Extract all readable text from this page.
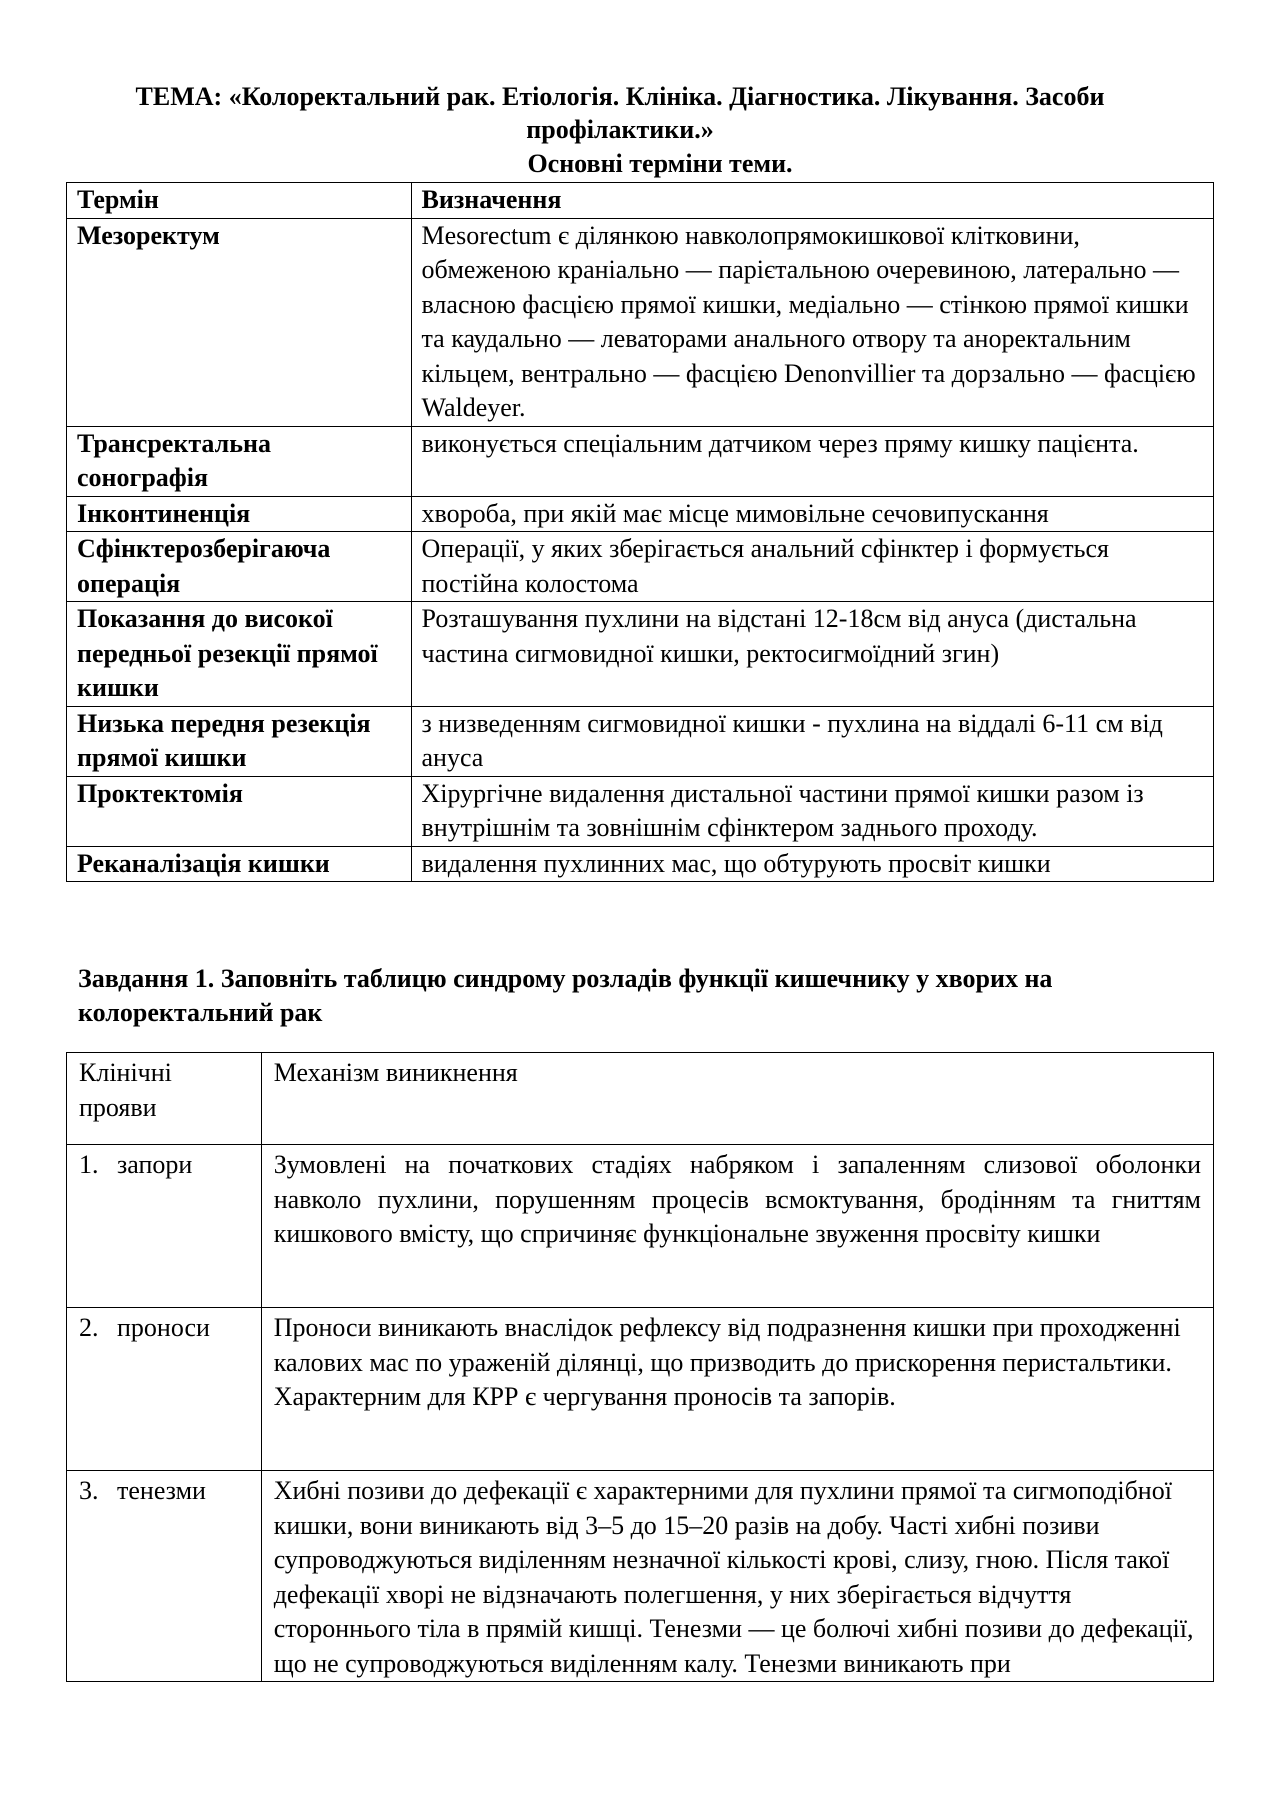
ТЕМА: «Колоректальний рак. Етіологія. Клініка. Діагностика. Лікування. Засоби профілактики.»
Основні терміни теми.
Термін	Визначення
Мезоректум	Mesorectum є ділянкою навколопрямокишкової клітковини, обмеженою краніально — парієтальною очеревиною, латерально — власною фасцією прямої кишки, медіально — стінкою прямої кишки та каудально — леваторами анального отвору та аноректальним кільцем, вентрально — фасцією Denonvillier та дорзально — фасцією Waldeyer.
Трансректальна сонографія	виконується спеціальним датчиком через пряму кишку пацієнта.
Інконтиненція	хвороба, при якій має місце мимовільне сечовипускання
Сфінктерозберігаюча операція	Операції, у яких зберігається анальний сфінктер і формується постійна колостома
Показання до високої передньої резекції прямої кишки	Розташування пухлини на відстані 12-18см від ануса (дистальна частина сигмовидної кишки, ректосигмоїдний згин)
Низька передня резекція прямої кишки	з низведенням сигмовидної кишки - пухлина на віддалі 6-11 см від ануса
Проктектомія	Хірургічне видалення дистальної частини прямої кишки разом із внутрішнім та зовнішнім сфінктером заднього проходу.
Реканалізація кишки	видалення пухлинних мас, що обтурують просвіт кишки
Завдання 1. Заповніть таблицю синдрому розладів функції кишечнику у хворих на колоректальний рак
Клінічні прояви	Механізм виникнення
1. запори	Зумовлені на початкових стадіях набряком і запаленням слизової оболонки навколо пухлини, порушенням процесів всмоктування, бродінням та гниттям кишкового вмісту, що спричиняє функціональне звуження просвіту кишки
2. проноси	Проноси виникають внаслідок рефлексу від подразнення кишки при проходженні калових мас по ураженій ділянці, що призводить до прискорення перистальтики. Характерним для КРР є чергування проносів та запорів.
3. тенезми	Хибні позиви до дефекації є характерними для пухлини прямої та сигмоподібної кишки, вони виникають від 3–5 до 15–20 разів на добу. Часті хибні позиви супроводжуються виділенням незначної кількості крові, слизу, гною. Після такої дефекації хворі не відзначають полегшення, у них зберігається відчуття стороннього тіла в прямій кишці. Тенезми — це болючі хибні позиви до дефекації, що не супроводжуються виділенням калу. Тенезми виникають при
